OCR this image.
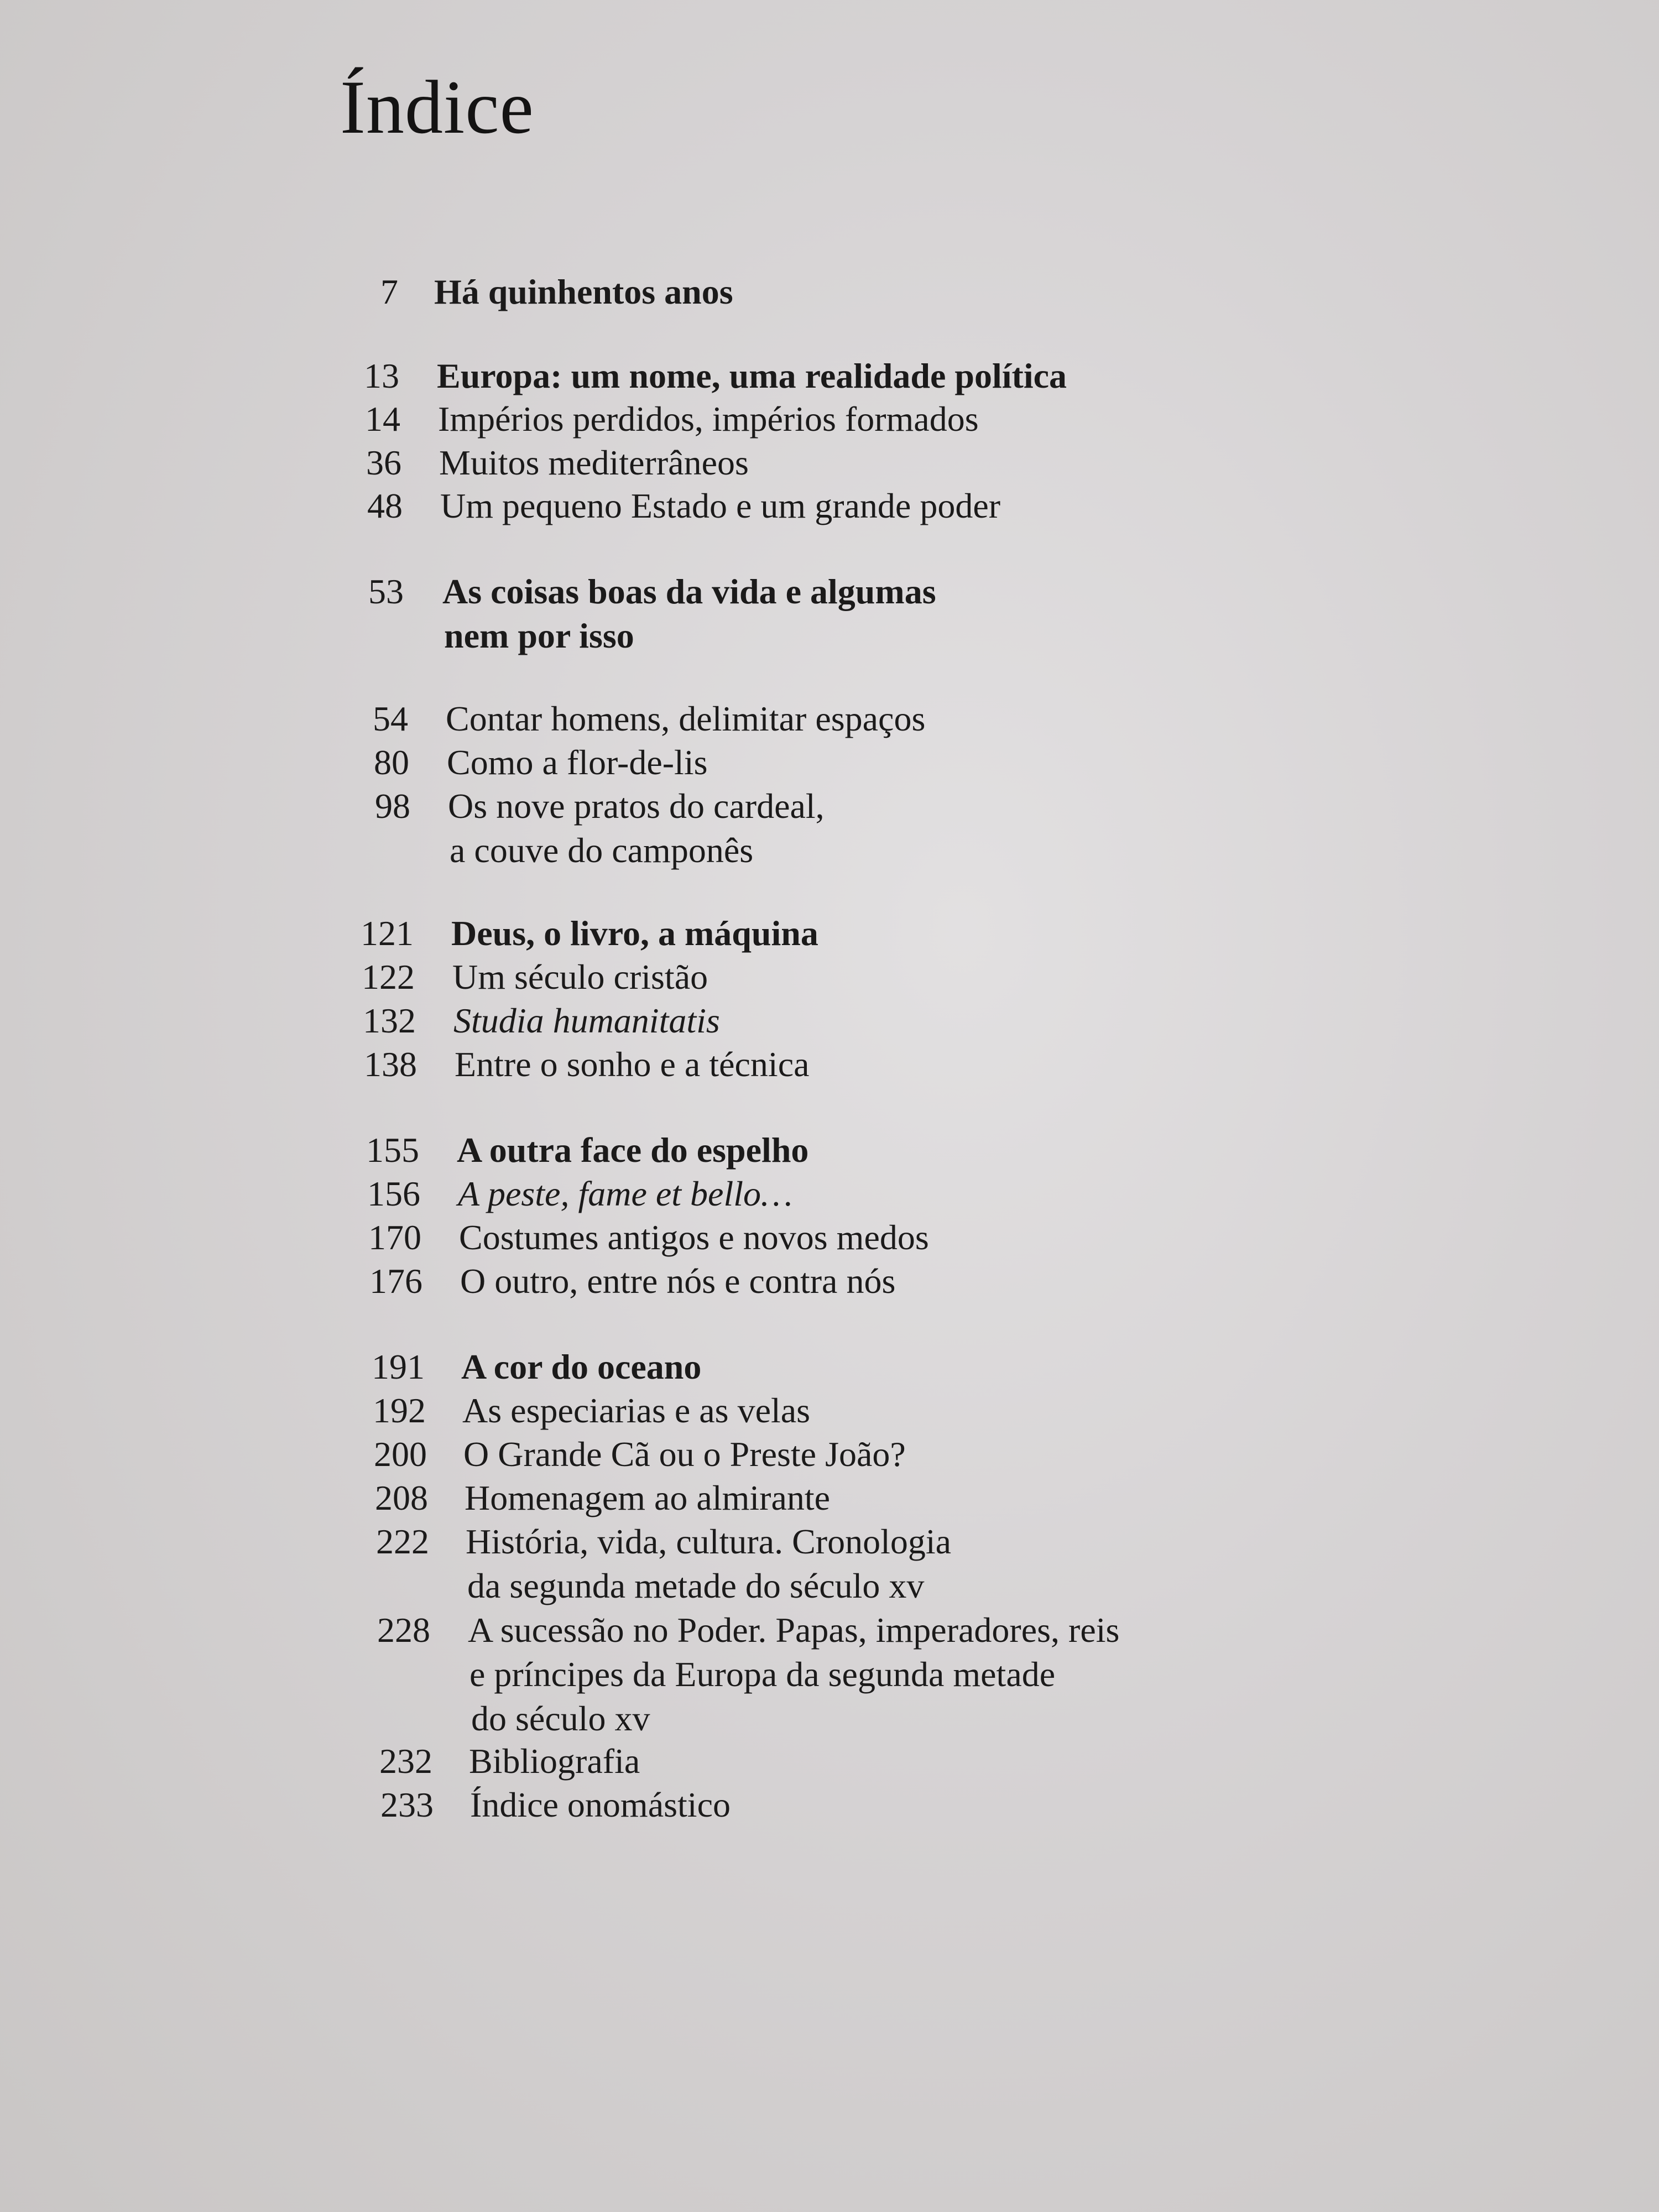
Índice
7 Há quinhentos anos
13 Europa: um nome, uma realidade política
14 Impérios perdidos, impérios formados
36 Muitos mediterrâneos
48 Um pequeno Estado e um grande poder
53 As coisas boas da vida e algumas
nem por isso
54 Contar homens, delimitar espaços
80 Como a flor-de-lis
98 Os nove pratos do cardeal,
a couve do camponês
121 Deus, o livro, a máquina
122 Um século cristão
132 Studia humanitatis
138 Entre o sonho e a técnica
155 A outra face do espelho
156 A peste, fame et bello…
170 Costumes antigos e novos medos
176 O outro, entre nós e contra nós
191 A cor do oceano
192 As especiarias e as velas
200 O Grande Cã ou o Preste João?
208 Homenagem ao almirante
222 História, vida, cultura. Cronologia
da segunda metade do século xv
228 A sucessão no Poder. Papas, imperadores, reis
e príncipes da Europa da segunda metade
do século xv
232 Bibliografia
233 Índice onomástico
